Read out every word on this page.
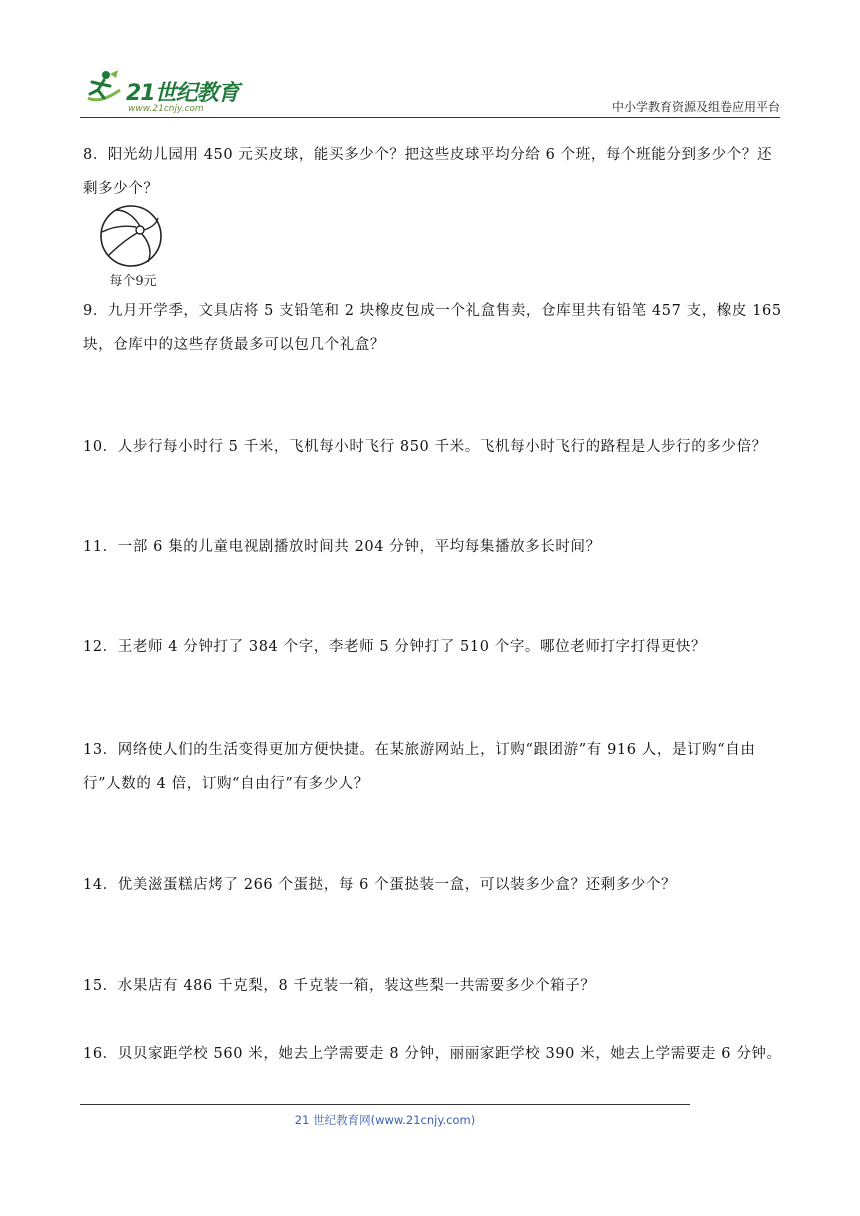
21世纪教育
www.21cnjy.com	中小学教育资源及组卷应用平台

8．阳光幼儿园用 450 元买皮球，能买多少个？把这些皮球平均分给 6 个班，每个班能分到多少个？还剩多少个？

每个9元

9．九月开学季，文具店将 5 支铅笔和 2 块橡皮包成一个礼盒售卖，仓库里共有铅笔 457 支，橡皮 165 块，仓库中的这些存货最多可以包几个礼盒？

10．人步行每小时行 5 千米，飞机每小时飞行 850 千米。飞机每小时飞行的路程是人步行的多少倍？

11．一部 6 集的儿童电视剧播放时间共 204 分钟，平均每集播放多长时间？

12．王老师 4 分钟打了 384 个字，李老师 5 分钟打了 510 个字。哪位老师打字打得更快？

13．网络使人们的生活变得更加方便快捷。在某旅游网站上，订购“跟团游”有 916 人，是订购“自由行”人数的 4 倍，订购“自由行”有多少人？

14．优美滋蛋糕店烤了 266 个蛋挞，每 6 个蛋挞装一盒，可以装多少盒？还剩多少个？

15．水果店有 486 千克梨，8 千克装一箱，装这些梨一共需要多少个箱子？

16．贝贝家距学校 560 米，她去上学需要走 8 分钟，丽丽家距学校 390 米，她去上学需要走 6 分钟。

21 世纪教育网(www.21cnjy.com)
